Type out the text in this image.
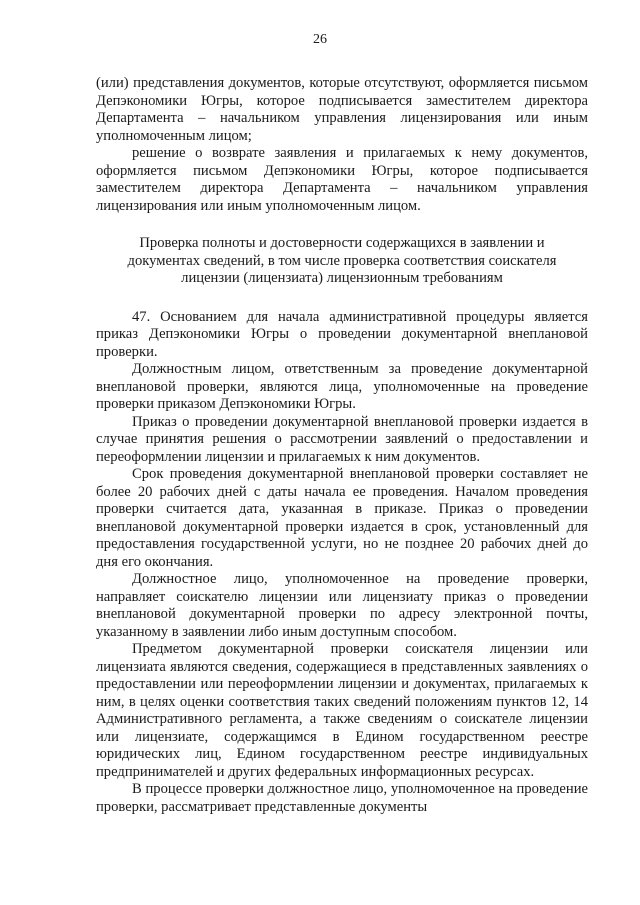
26

(или) представления документов, которые отсутствуют, оформляется письмом Депэкономики Югры, которое подписывается заместителем директора Департамента – начальником управления лицензирования или иным уполномоченным лицом;

решение о возврате заявления и прилагаемых к нему документов, оформляется письмом Депэкономики Югры, которое подписывается заместителем директора Департамента – начальником управления лицензирования или иным уполномоченным лицом.

Проверка полноты и достоверности содержащихся в заявлении и документах сведений, в том числе проверка соответствия соискателя лицензии (лицензиата) лицензионным требованиям

47. Основанием для начала административной процедуры является приказ Депэкономики Югры о проведении документарной внеплановой проверки.

Должностным лицом, ответственным за проведение документарной внеплановой проверки, являются лица, уполномоченные на проведение проверки приказом Депэкономики Югры.

Приказ о проведении документарной внеплановой проверки издается в случае принятия решения о рассмотрении заявлений о предоставлении и переоформлении лицензии и прилагаемых к ним документов.

Срок проведения документарной внеплановой проверки составляет не более 20 рабочих дней с даты начала ее проведения. Началом проведения проверки считается дата, указанная в приказе. Приказ о проведении внеплановой документарной проверки издается в срок, установленный для предоставления государственной услуги, но не позднее 20 рабочих дней до дня его окончания.

Должностное лицо, уполномоченное на проведение проверки, направляет соискателю лицензии или лицензиату приказ о проведении внеплановой документарной проверки по адресу электронной почты, указанному в заявлении либо иным доступным способом.

Предметом документарной проверки соискателя лицензии или лицензиата являются сведения, содержащиеся в представленных заявлениях о предоставлении или переоформлении лицензии и документах, прилагаемых к ним, в целях оценки соответствия таких сведений положениям пунктов 12, 14 Административного регламента, а также сведениям о соискателе лицензии или лицензиате, содержащимся в Едином государственном реестре юридических лиц, Едином государственном реестре индивидуальных предпринимателей и других федеральных информационных ресурсах.

В процессе проверки должностное лицо, уполномоченное на проведение проверки, рассматривает представленные документы
